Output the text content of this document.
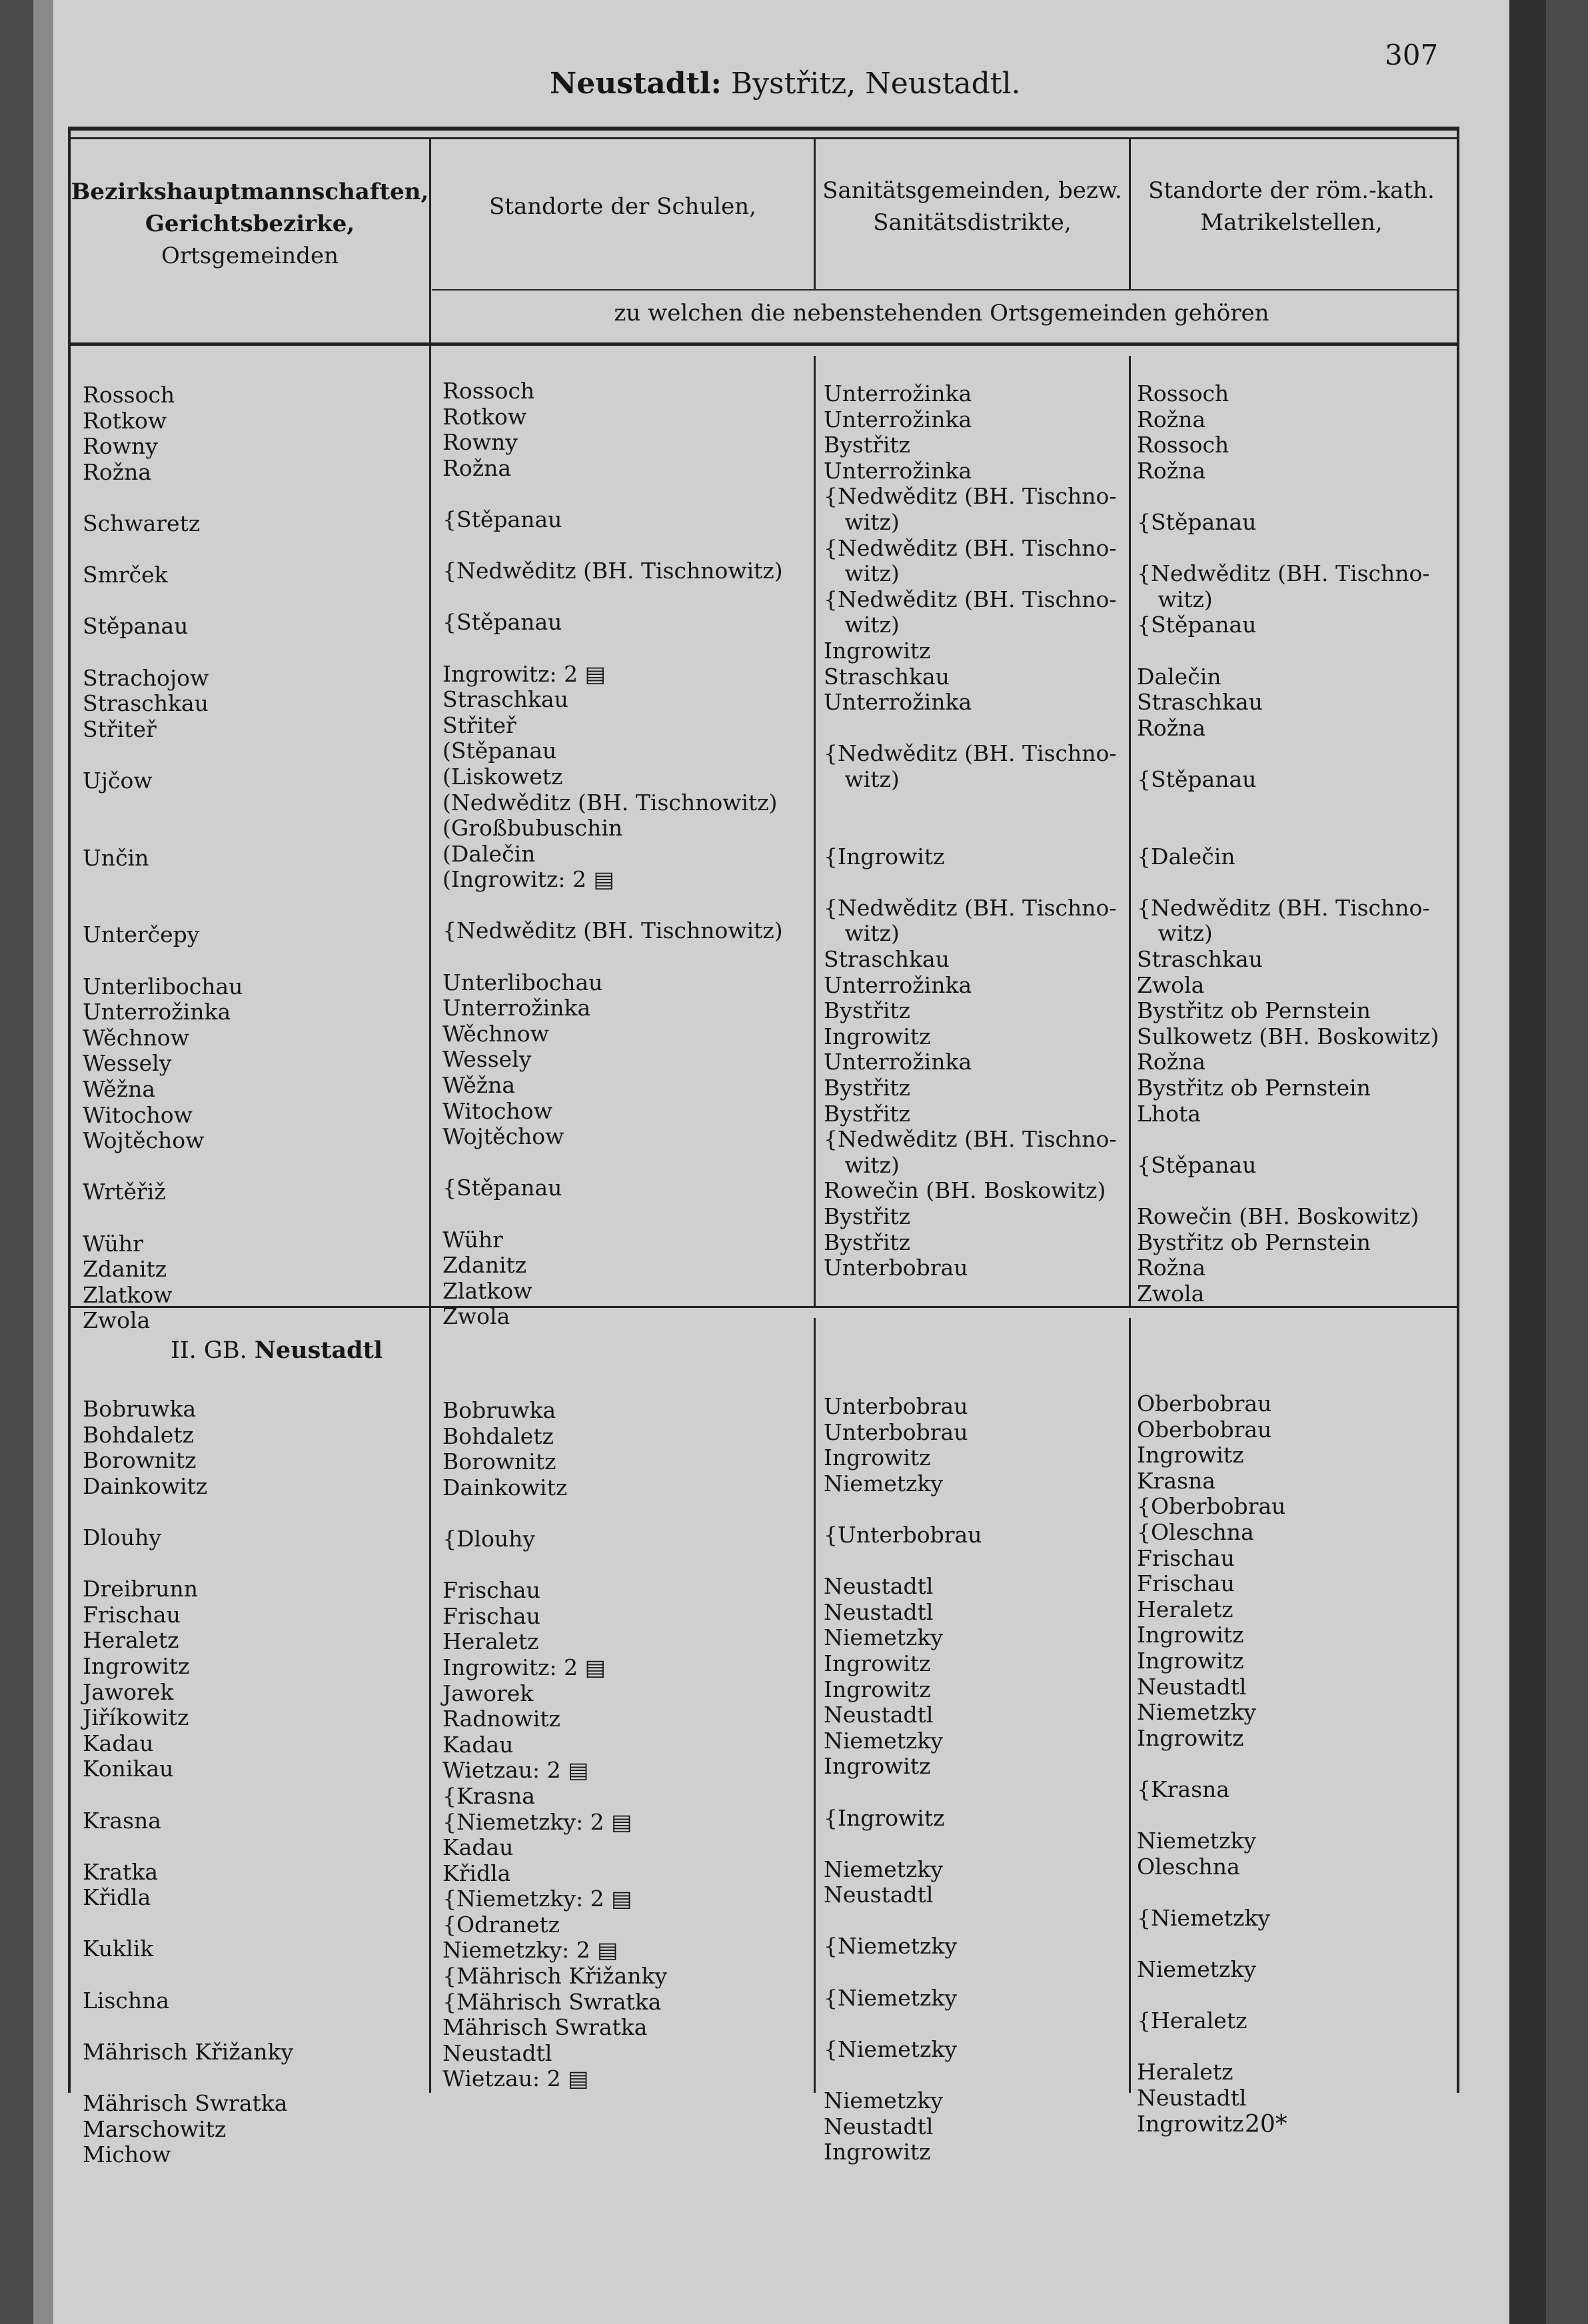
307
Neustadtl: Bystřitz, Neustadtl.
Bezirkshauptmannschaften,
Gerichtsbezirke,
Ortsgemeinden
Standorte der Schulen,
Sanitätsgemeinden, bezw.
Sanitätsdistrikte,
Standorte der röm.-kath.
Matrikelstellen,
zu welchen die nebenstehenden Ortsgemeinden gehören
Rossoch
Rotkow
Rowny
Rožna

Schwaretz

Smrček

Stěpanau

Strachojow
Straschkau
Střiteř

Ujčow

Unčin

Unterčepy

Unterlibochau
Unterrožinka
Wěchnow
Wessely
Wěžna
Witochow
Wojtěchow

Wrtěřiž

Wühr
Zdanitz
Zlatkow
Zwola
Rossoch
Rotkow
Rowny
Rožna

{Stěpanau

{Nedwěditz (BH. Tischnowitz)

{Stěpanau

Ingrowitz: 2 ▤
Straschkau
Střiteř
(Stěpanau
(Liskowetz
(Nedwěditz (BH. Tischnowitz)
(Großbubuschin
(Dalečin
(Ingrowitz: 2 ▤

{Nedwěditz (BH. Tischnowitz)

Unterlibochau
Unterrožinka
Wěchnow
Wessely
Wěžna
Witochow
Wojtěchow

{Stěpanau

Wühr
Zdanitz
Zlatkow
Zwola
Unterrožinka
Unterrožinka
Bystřitz
Unterrožinka
{Nedwěditz (BH. Tischno-
witz)
{Nedwěditz (BH. Tischno-
witz)
{Nedwěditz (BH. Tischno-
witz)
Ingrowitz
Straschkau
Unterrožinka

{Nedwěditz (BH. Tischno-
witz)

{Ingrowitz

{Nedwěditz (BH. Tischno-
witz)
Straschkau
Unterrožinka
Bystřitz
Ingrowitz
Unterrožinka
Bystřitz
Bystřitz
{Nedwěditz (BH. Tischno-
witz)
Rowečin (BH. Boskowitz)
Bystřitz
Bystřitz
Unterbobrau
Rossoch
Rožna
Rossoch
Rožna

{Stěpanau

{Nedwěditz (BH. Tischno-
witz)
{Stěpanau

Dalečin
Straschkau
Rožna

{Stěpanau

{Dalečin

{Nedwěditz (BH. Tischno-
witz)
Straschkau
Zwola
Bystřitz ob Pernstein
Sulkowetz (BH. Boskowitz)
Rožna
Bystřitz ob Pernstein
Lhota

{Stěpanau

Rowečin (BH. Boskowitz)
Bystřitz ob Pernstein
Rožna
Zwola
II. GB. Neustadtl
Bobruwka
Bohdaletz
Borownitz
Dainkowitz

Dlouhy

Dreibrunn
Frischau
Heraletz
Ingrowitz
Jaworek
Jiříkowitz
Kadau
Konikau

Krasna

Kratka
Křidla

Kuklik

Lischna

Mährisch Křižanky

Mährisch Swratka
Marschowitz
Michow
Bobruwka
Bohdaletz
Borownitz
Dainkowitz

{Dlouhy

Frischau
Frischau
Heraletz
Ingrowitz: 2 ▤
Jaworek
Radnowitz
Kadau
Wietzau: 2 ▤
{Krasna
{Niemetzky: 2 ▤
Kadau
Křidla
{Niemetzky: 2 ▤
{Odranetz
Niemetzky: 2 ▤
{Mährisch Křižanky
{Mährisch Swratka
Mährisch Swratka
Neustadtl
Wietzau: 2 ▤
Unterbobrau
Unterbobrau
Ingrowitz
Niemetzky

{Unterbobrau

Neustadtl
Neustadtl
Niemetzky
Ingrowitz
Ingrowitz
Neustadtl
Niemetzky
Ingrowitz

{Ingrowitz

Niemetzky
Neustadtl

{Niemetzky

{Niemetzky

{Niemetzky

Niemetzky
Neustadtl
Ingrowitz
Oberbobrau
Oberbobrau
Ingrowitz
Krasna
{Oberbobrau
{Oleschna
Frischau
Frischau
Heraletz
Ingrowitz
Ingrowitz
Neustadtl
Niemetzky
Ingrowitz

{Krasna

Niemetzky
Oleschna

{Niemetzky

Niemetzky

{Heraletz

Heraletz
Neustadtl
Ingrowitz 20*
